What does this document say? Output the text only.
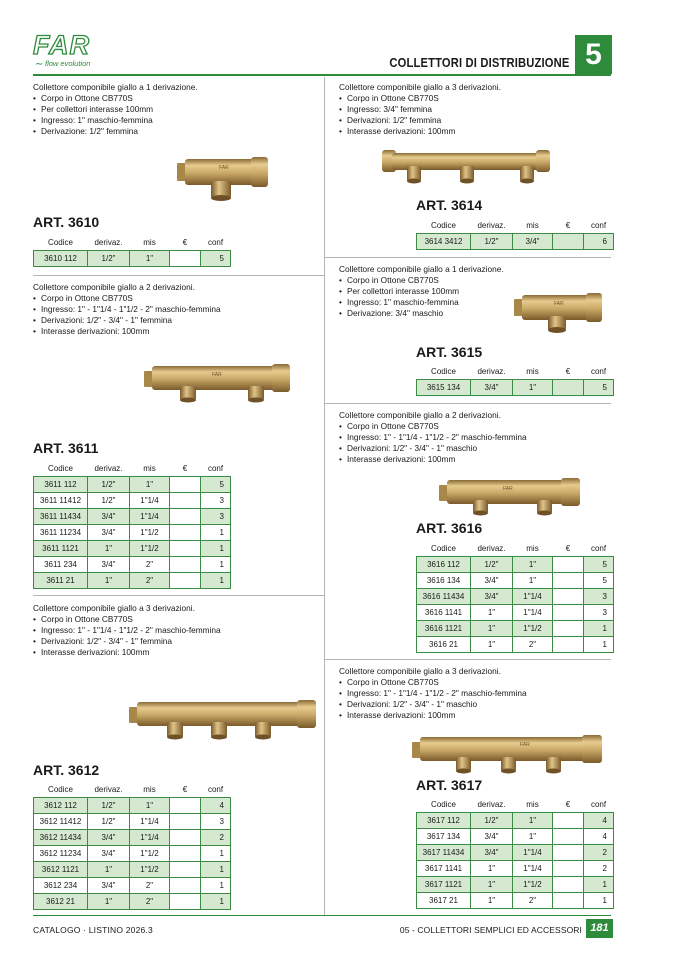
FAR
∼ flow evolution	COLLETTORI DI DISTRIBUZIONE 5
Collettore componibile giallo a 1 derivazione.
• Corpo in Ottone CB770S
• Per collettori interasse 100mm
• Ingresso: 1" maschio-femmina
• Derivazione: 1/2" femmina
FAR
ART. 3610
Codice	derivaz.	mis	€	conf
3610 112	1/2"	1"		5
Collettore componibile giallo a 2 derivazioni.
• Corpo in Ottone CB770S
• Ingresso: 1" - 1"1/4 - 1"1/2 - 2" maschio-femmina
• Derivazioni: 1/2" - 3/4" - 1" femmina
• Interasse derivazioni: 100mm
FAR
ART. 3611
Codice	derivaz.	mis	€	conf
3611 112	1/2"	1"		5
3611 11412	1/2"	1"1/4		3
3611 11434	3/4"	1"1/4		3
3611 11234	3/4"	1"1/2		1
3611 1121	1"	1"1/2		1
3611 234	3/4"	2"		1
3611 21	1"	2"		1
Collettore componibile giallo a 3 derivazioni.
• Corpo in Ottone CB770S
• Ingresso: 1" - 1"1/4 - 1"1/2 - 2" maschio-femmina
• Derivazioni: 1/2" - 3/4" - 1" femmina
• Interasse derivazioni: 100mm
ART. 3612
Codice	derivaz.	mis	€	conf
3612 112	1/2"	1"		4
3612 11412	1/2"	1"1/4		3
3612 11434	3/4"	1"1/4		2
3612 11234	3/4"	1"1/2		1
3612 1121	1"	1"1/2		1
3612 234	3/4"	2"		1
3612 21	1"	2"		1
Collettore componibile giallo a 3 derivazioni.
• Corpo in Ottone CB770S
• Ingresso: 3/4" femmina
• Derivazioni: 1/2" femmina
• Interasse derivazioni: 100mm
ART. 3614
Codice	derivaz.	mis	€	conf
3614 3412	1/2"	3/4"		6
Collettore componibile giallo a 1 derivazione.
• Corpo in Ottone CB770S
• Per collettori interasse 100mm
• Ingresso: 1" maschio-femmina
• Derivazione: 3/4" maschio
FAR
ART. 3615
Codice	derivaz.	mis	€	conf
3615 134	3/4"	1"		5
Collettore componibile giallo a 2 derivazioni.
• Corpo in Ottone CB770S
• Ingresso: 1" - 1"1/4 - 1"1/2 - 2" maschio-femmina
• Derivazioni: 1/2" - 3/4" - 1" maschio
• Interasse derivazioni: 100mm
FAR
ART. 3616
Codice	derivaz.	mis	€	conf
3616 112	1/2"	1"		5
3616 134	3/4"	1"		5
3616 11434	3/4"	1"1/4		3
3616 1141	1"	1"1/4		3
3616 1121	1"	1"1/2		1
3616 21	1"	2"		1
Collettore componibile giallo a 3 derivazioni.
• Corpo in Ottone CB770S
• Ingresso: 1" - 1"1/4 - 1"1/2 - 2" maschio-femmina
• Derivazioni: 1/2" - 3/4" - 1" maschio
• Interasse derivazioni: 100mm
FAR
ART. 3617
Codice	derivaz.	mis	€	conf
3617 112	1/2"	1"		4
3617 134	3/4"	1"		4
3617 11434	3/4"	1"1/4		2
3617 1141	1"	1"1/4		2
3617 1121	1"	1"1/2		1
3617 21	1"	2"		1
CATALOGO · LISTINO 2026.3	05 - COLLETTORI SEMPLICI ED ACCESSORI 181
